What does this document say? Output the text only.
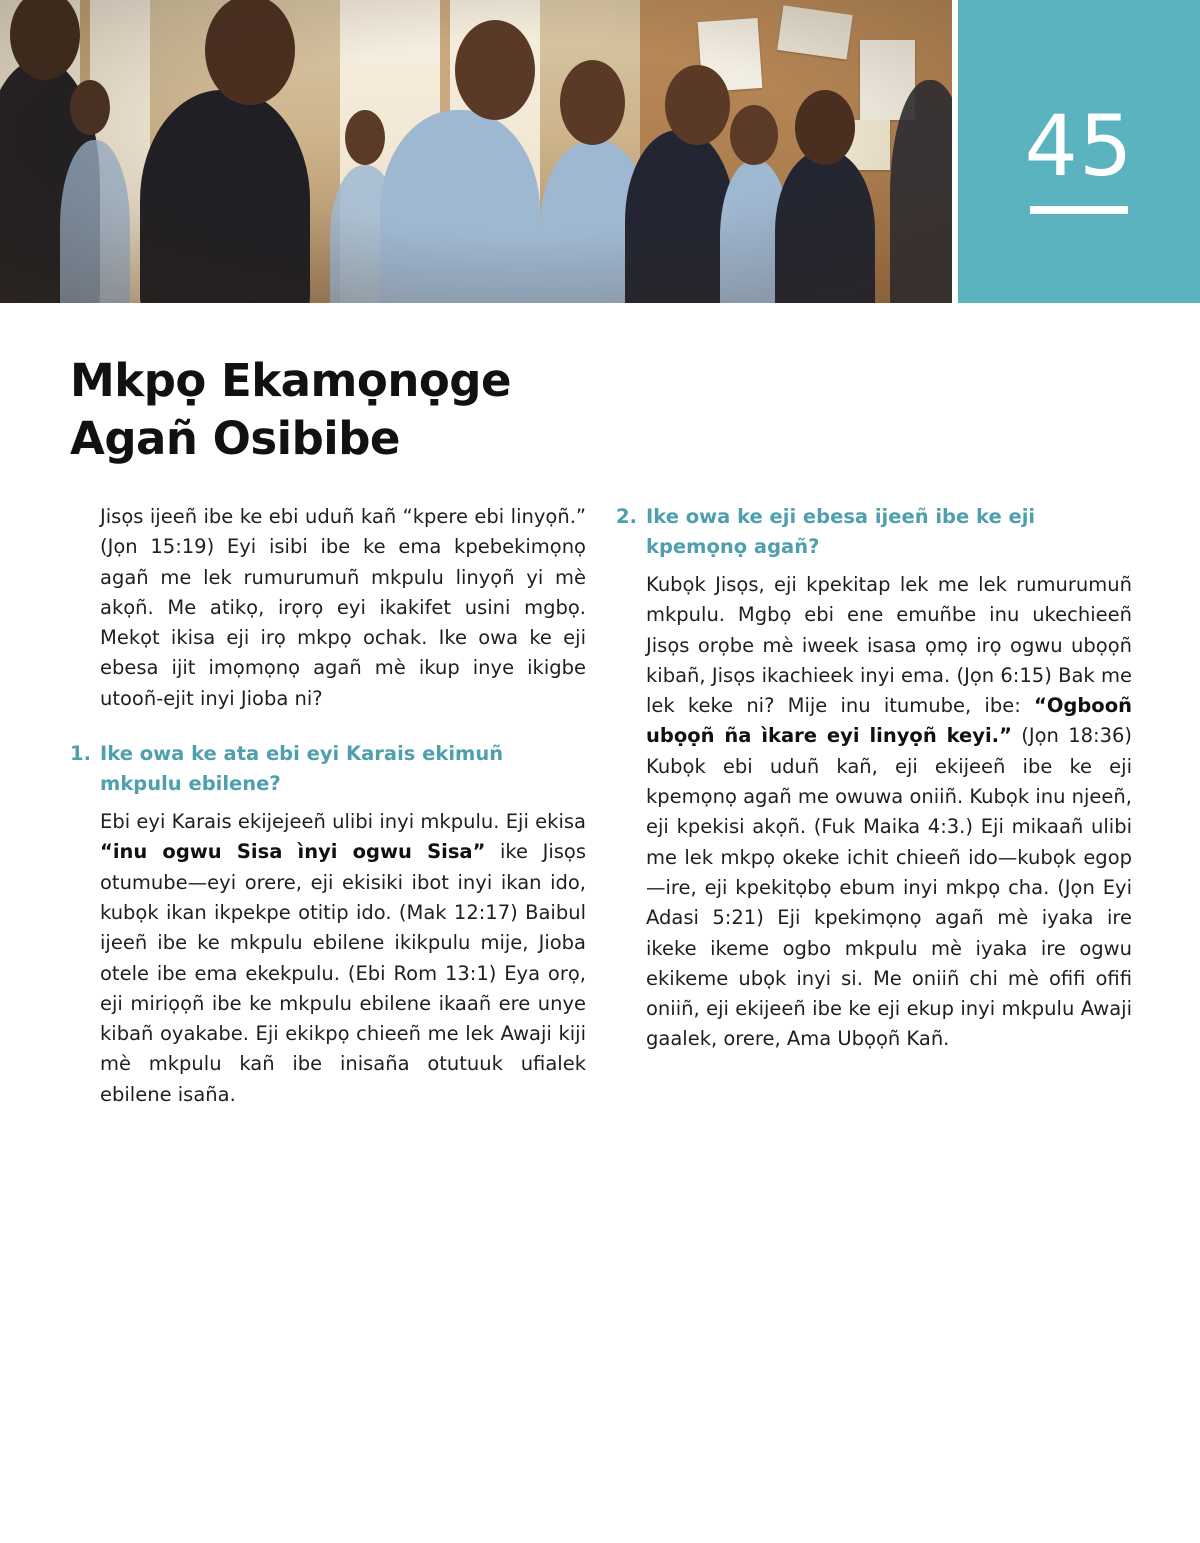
45
Mkpọ Ekamọnọge
Agañ Osibibe

Jisọs ijeeñ ibe ke ebi uduñ kañ “kpere ebi linyọñ.” (Jọn 15:19) Eyi isibi ibe ke ema kpebekimọnọ agañ me lek rumurumuñ mkpulu linyọñ yi mè akọñ. Me atikọ, irọrọ eyi ikakifet usini mgbọ. Mekọt ikisa eji irọ mkpọ ochak. Ike owa ke eji ebesa ijit imọmọnọ agañ mè ikup inye ikigbe utooñ-ejit inyi Jioba ni?

1. Ike owa ke ata ebi eyi Karais ekimuñ mkpulu ebilene?

Ebi eyi Karais ekijejeeñ ulibi inyi mkpulu. Eji ekisa “inu ogwu Sisa ìnyi ogwu Sisa” ike Jisọs otumube—eyi orere, eji ekisiki ibot inyi ikan ido, kubọk ikan ikpekpe otitip ido. (Mak 12:17) Baibul ijeeñ ibe ke mkpulu ebilene ikikpulu mije, Jioba otele ibe ema ekekpulu. (Ebi Rom 13:1) Eya orọ, eji miriọọñ ibe ke mkpulu ebilene ikaañ ere unye kibañ oyakabe. Eji ekikpọ chieeñ me lek Awaji kiji mè mkpulu kañ ibe inisaña otutuuk ufialek ebilene isaña.

2. Ike owa ke eji ebesa ijeeñ ibe ke eji kpemọnọ agañ?

Kubọk Jisọs, eji kpekitap lek me lek rumurumuñ mkpulu. Mgbọ ebi ene emuñbe inu ukechieeñ Jisọs orọbe mè iweek isasa ọmọ irọ ogwu ubọọñ kibañ, Jisọs ikachieek inyi ema. (Jọn 6:15) Bak me lek keke ni? Mije inu itumube, ibe: “Ogbooñ ubọọñ ña ìkare eyi linyọñ keyi.” (Jọn 18:36) Kubọk ebi uduñ kañ, eji ekijeeñ ibe ke eji kpemọnọ agañ me owuwa oniiñ. Kubọk inu njeeñ, eji kpekisi akọñ. (Fuk Maika 4:3.) Eji mikaañ ulibi me lek mkpọ okeke ichit chieeñ ido—kubọk egop—ire, eji kpekitọbọ ebum inyi mkpọ cha. (Jọn Eyi Adasi 5:21) Eji kpekimọnọ agañ mè iyaka ire ikeke ikeme ogbo mkpulu mè iyaka ire ogwu ekikeme ubọk inyi si. Me oniiñ chi mè ofifi ofifi oniiñ, eji ekijeeñ ibe ke eji ekup inyi mkpulu Awaji gaalek, orere, Ama Ubọọñ Kañ.
